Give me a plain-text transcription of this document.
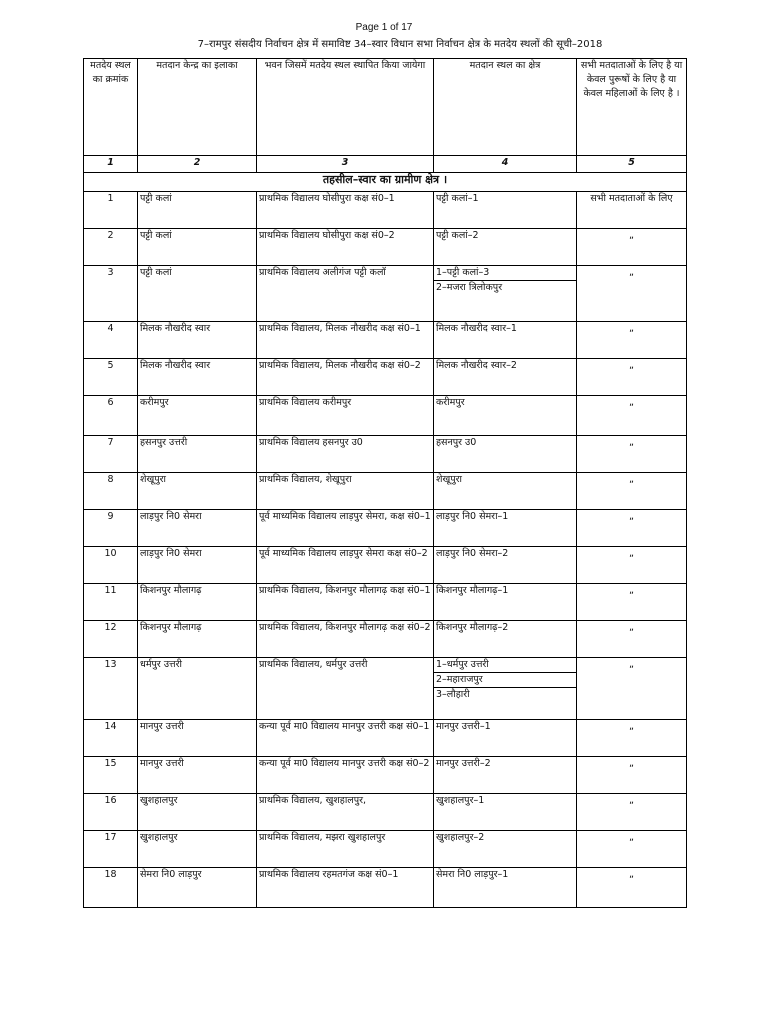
Page 1 of 17
7–रामपुर संसदीय निर्वाचन क्षेत्र में समाविष्ट 34–स्वार विधान सभा निर्वाचन क्षेत्र के मतदेय स्थलों की सूची–2018
मतदेय स्थल का क्रमांक	मतदान केन्द्र का इलाका	भवन जिसमें मतदेय स्थल स्थापित किया जायेगा	मतदान स्थल का क्षेत्र	सभी मतदाताओं के लिए है या केवल पुरूषों के लिए है या केवल महिलाओं के लिए है ।
1	2	3	4	5
तहसील–स्वार का ग्रामीण क्षेत्र ।				
1	पट्टी कलां	प्राथमिक विद्यालय घोसीपुरा कक्ष सं0–1	पट्टी कलां–1	सभी मतदाताओं के लिए
2	पट्टी कलां	प्राथमिक विद्यालय घोसीपुरा कक्ष सं0–2	पट्टी कलां–2	„
3	पट्टी कलां	प्राथमिक विद्यालय अलीगंज पट्टी कलॉ	1–पट्टी कलां–3
2–मजरा त्रिलोकपुर	„
4	मिलक नौखरीद स्वार	प्राथमिक विद्यालय, मिलक नौखरीद कक्ष सं0–1	मिलक नौखरीद स्वार–1	„
5	मिलक नौखरीद स्वार	प्राथमिक विद्यालय, मिलक नौखरीद कक्ष सं0–2	मिलक नौखरीद स्वार–2	„
6	करीमपुर	प्राथमिक विद्यालय करीमपुर	करीमपुर	„
7	हसनपुर उत्तरी	प्राथमिक विद्यालय हसनपुर उ0	हसनपुर उ0	„
8	शेखूपुरा	प्राथमिक विद्यालय, शेखूपुरा	शेखूपुरा	„
9	लाड़पुर नि0 सेमरा	पूर्व माध्यमिक विद्यालय लाड़पुर सेमरा, कक्ष सं0–1	लाड़पुर नि0 सेमरा–1	„
10	लाड़पुर नि0 सेमरा	पूर्व माध्यमिक विद्यालय लाड़पुर सेमरा कक्ष सं0–2	लाड़पुर नि0 सेमरा–2	„
11	किशनपुर मौलागढ़	प्राथमिक विद्यालय, किशनपुर मौलागढ़ कक्ष सं0–1	किशनपुर मौलागढ़–1	„
12	किशनपुर मौलागढ़	प्राथमिक विद्यालय, किशनपुर मौलागढ़ कक्ष सं0–2	किशनपुर मौलागढ़–2	„
13	धर्मपुर उत्तरी	प्राथमिक विद्यालय, धर्मपुर उत्तरी	1–धर्मपुर उत्तरी
2–महाराजपुर
3–लौहारी	„
14	मानपुर उत्तरी	कन्या पूर्व मा0 विद्यालय मानपुर उत्तरी कक्ष सं0–1	मानपुर उत्तरी–1	„
15	मानपुर उत्तरी	कन्या पूर्व मा0 विद्यालय मानपुर उत्तरी कक्ष सं0–2	मानपुर उत्तरी–2	„
16	खुशहालपुर	प्राथमिक विद्यालय, खुशहालपुर,	खुशहालपुर–1	„
17	खुशहालपुर	प्राथमिक विद्यालय, मझरा खुशहालपुर	खुशहालपुर–2	„
18	सेमरा नि0 लाड़पुर	प्राथमिक विद्यालय रहमतगंज कक्ष सं0–1	सेमरा नि0 लाड़पुर–1	„
